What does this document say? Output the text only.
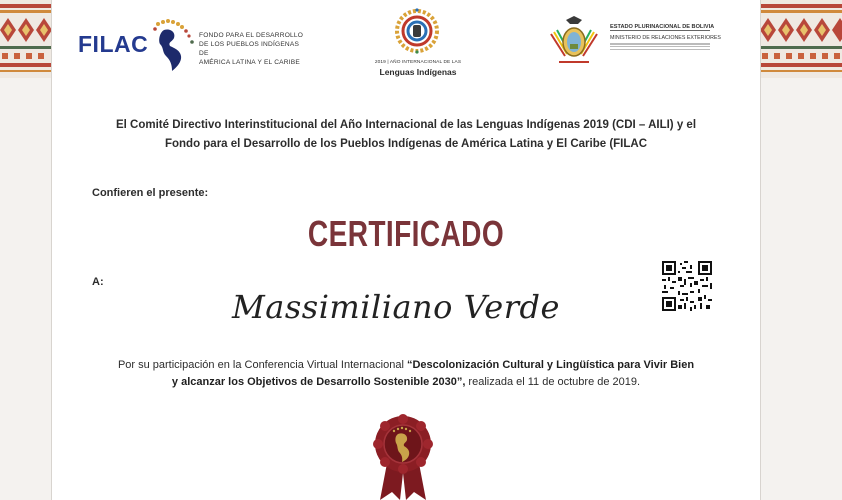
FILAC	FONDO PARA EL DESARROLLO
DE LOS PUEBLOS INDÍGENAS DE
AMÉRICA LATINA Y EL CARIBE	2019 | AÑO INTERNACIONAL DE LAS
Lenguas Indígenas
ESTADO PLURINACIONAL DE BOLIVIA
MINISTERIO DE RELACIONES EXTERIORES
El Comité Directivo Interinstitucional del Año Internacional de las Lenguas Indígenas 2019 (CDI – AILI) y el
Fondo para el Desarrollo de los Pueblos Indígenas de América Latina y El Caribe (FILAC
Confieren el presente:
CERTIFICADO
A:
Massimiliano Verde
Por su participación en la Conferencia Virtual Internacional “Descolonización Cultural y Lingüística para Vivir Bien
y alcanzar los Objetivos de Desarrollo Sostenible 2030”, realizada el 11 de octubre de 2019.
